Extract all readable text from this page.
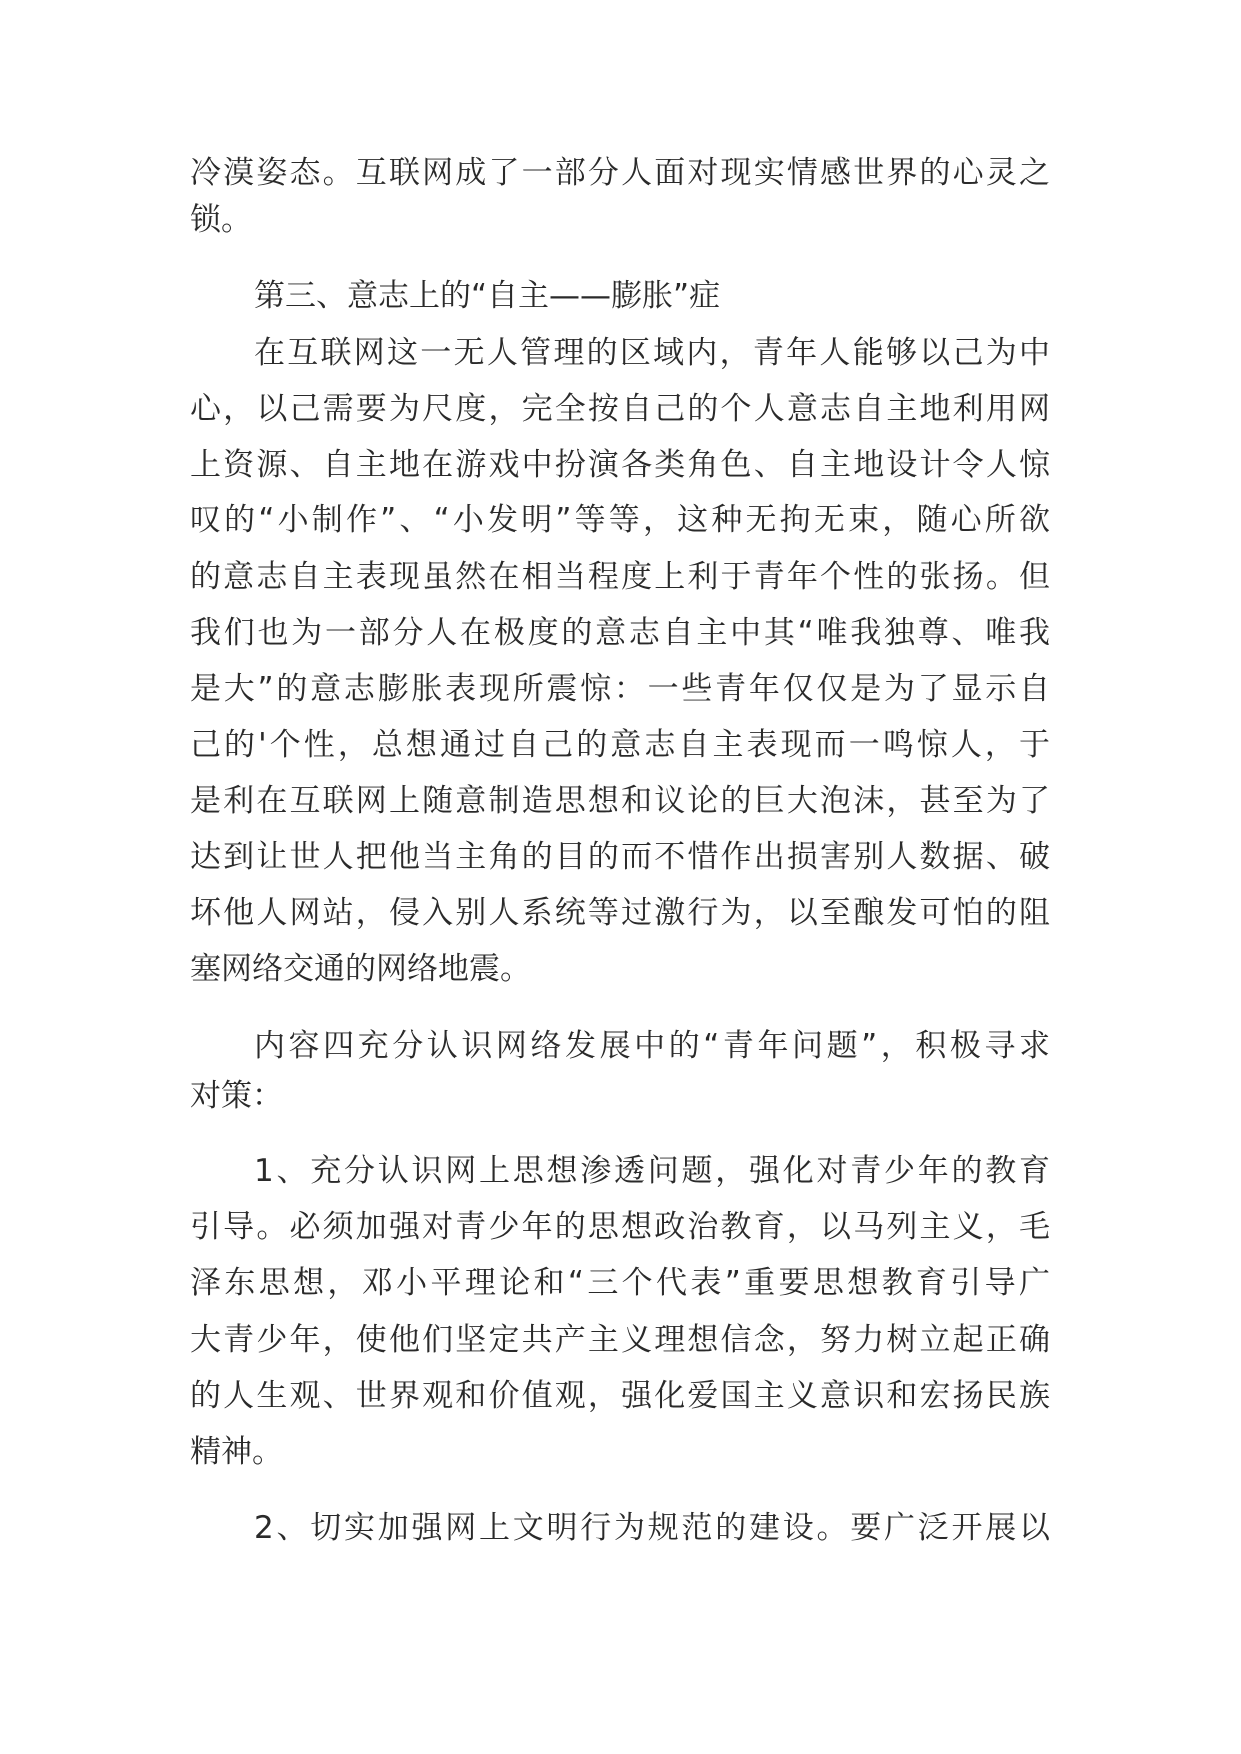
冷漠姿态。互联网成了一部分人面对现实情感世界的心灵之
锁。
第三、意志上的“自主——膨胀”症
在互联网这一无人管理的区域内，青年人能够以己为中
心，以己需要为尺度，完全按自己的个人意志自主地利用网
上资源、自主地在游戏中扮演各类角色、自主地设计令人惊
叹的“小制作”、“小发明”等等，这种无拘无束，随心所欲
的意志自主表现虽然在相当程度上利于青年个性的张扬。但
我们也为一部分人在极度的意志自主中其“唯我独尊、唯我
是大”的意志膨胀表现所震惊：一些青年仅仅是为了显示自
己的'个性，总想通过自己的意志自主表现而一鸣惊人，于
是利在互联网上随意制造思想和议论的巨大泡沫，甚至为了
达到让世人把他当主角的目的而不惜作出损害别人数据、破
坏他人网站，侵入别人系统等过激行为，以至酿发可怕的阻
塞网络交通的网络地震。
内容四充分认识网络发展中的“青年问题”，积极寻求
对策：
1、充分认识网上思想渗透问题，强化对青少年的教育
引导。必须加强对青少年的思想政治教育，以马列主义，毛
泽东思想，邓小平理论和“三个代表”重要思想教育引导广
大青少年，使他们坚定共产主义理想信念，努力树立起正确
的人生观、世界观和价值观，强化爱国主义意识和宏扬民族
精神。
2、切实加强网上文明行为规范的建设。要广泛开展以
